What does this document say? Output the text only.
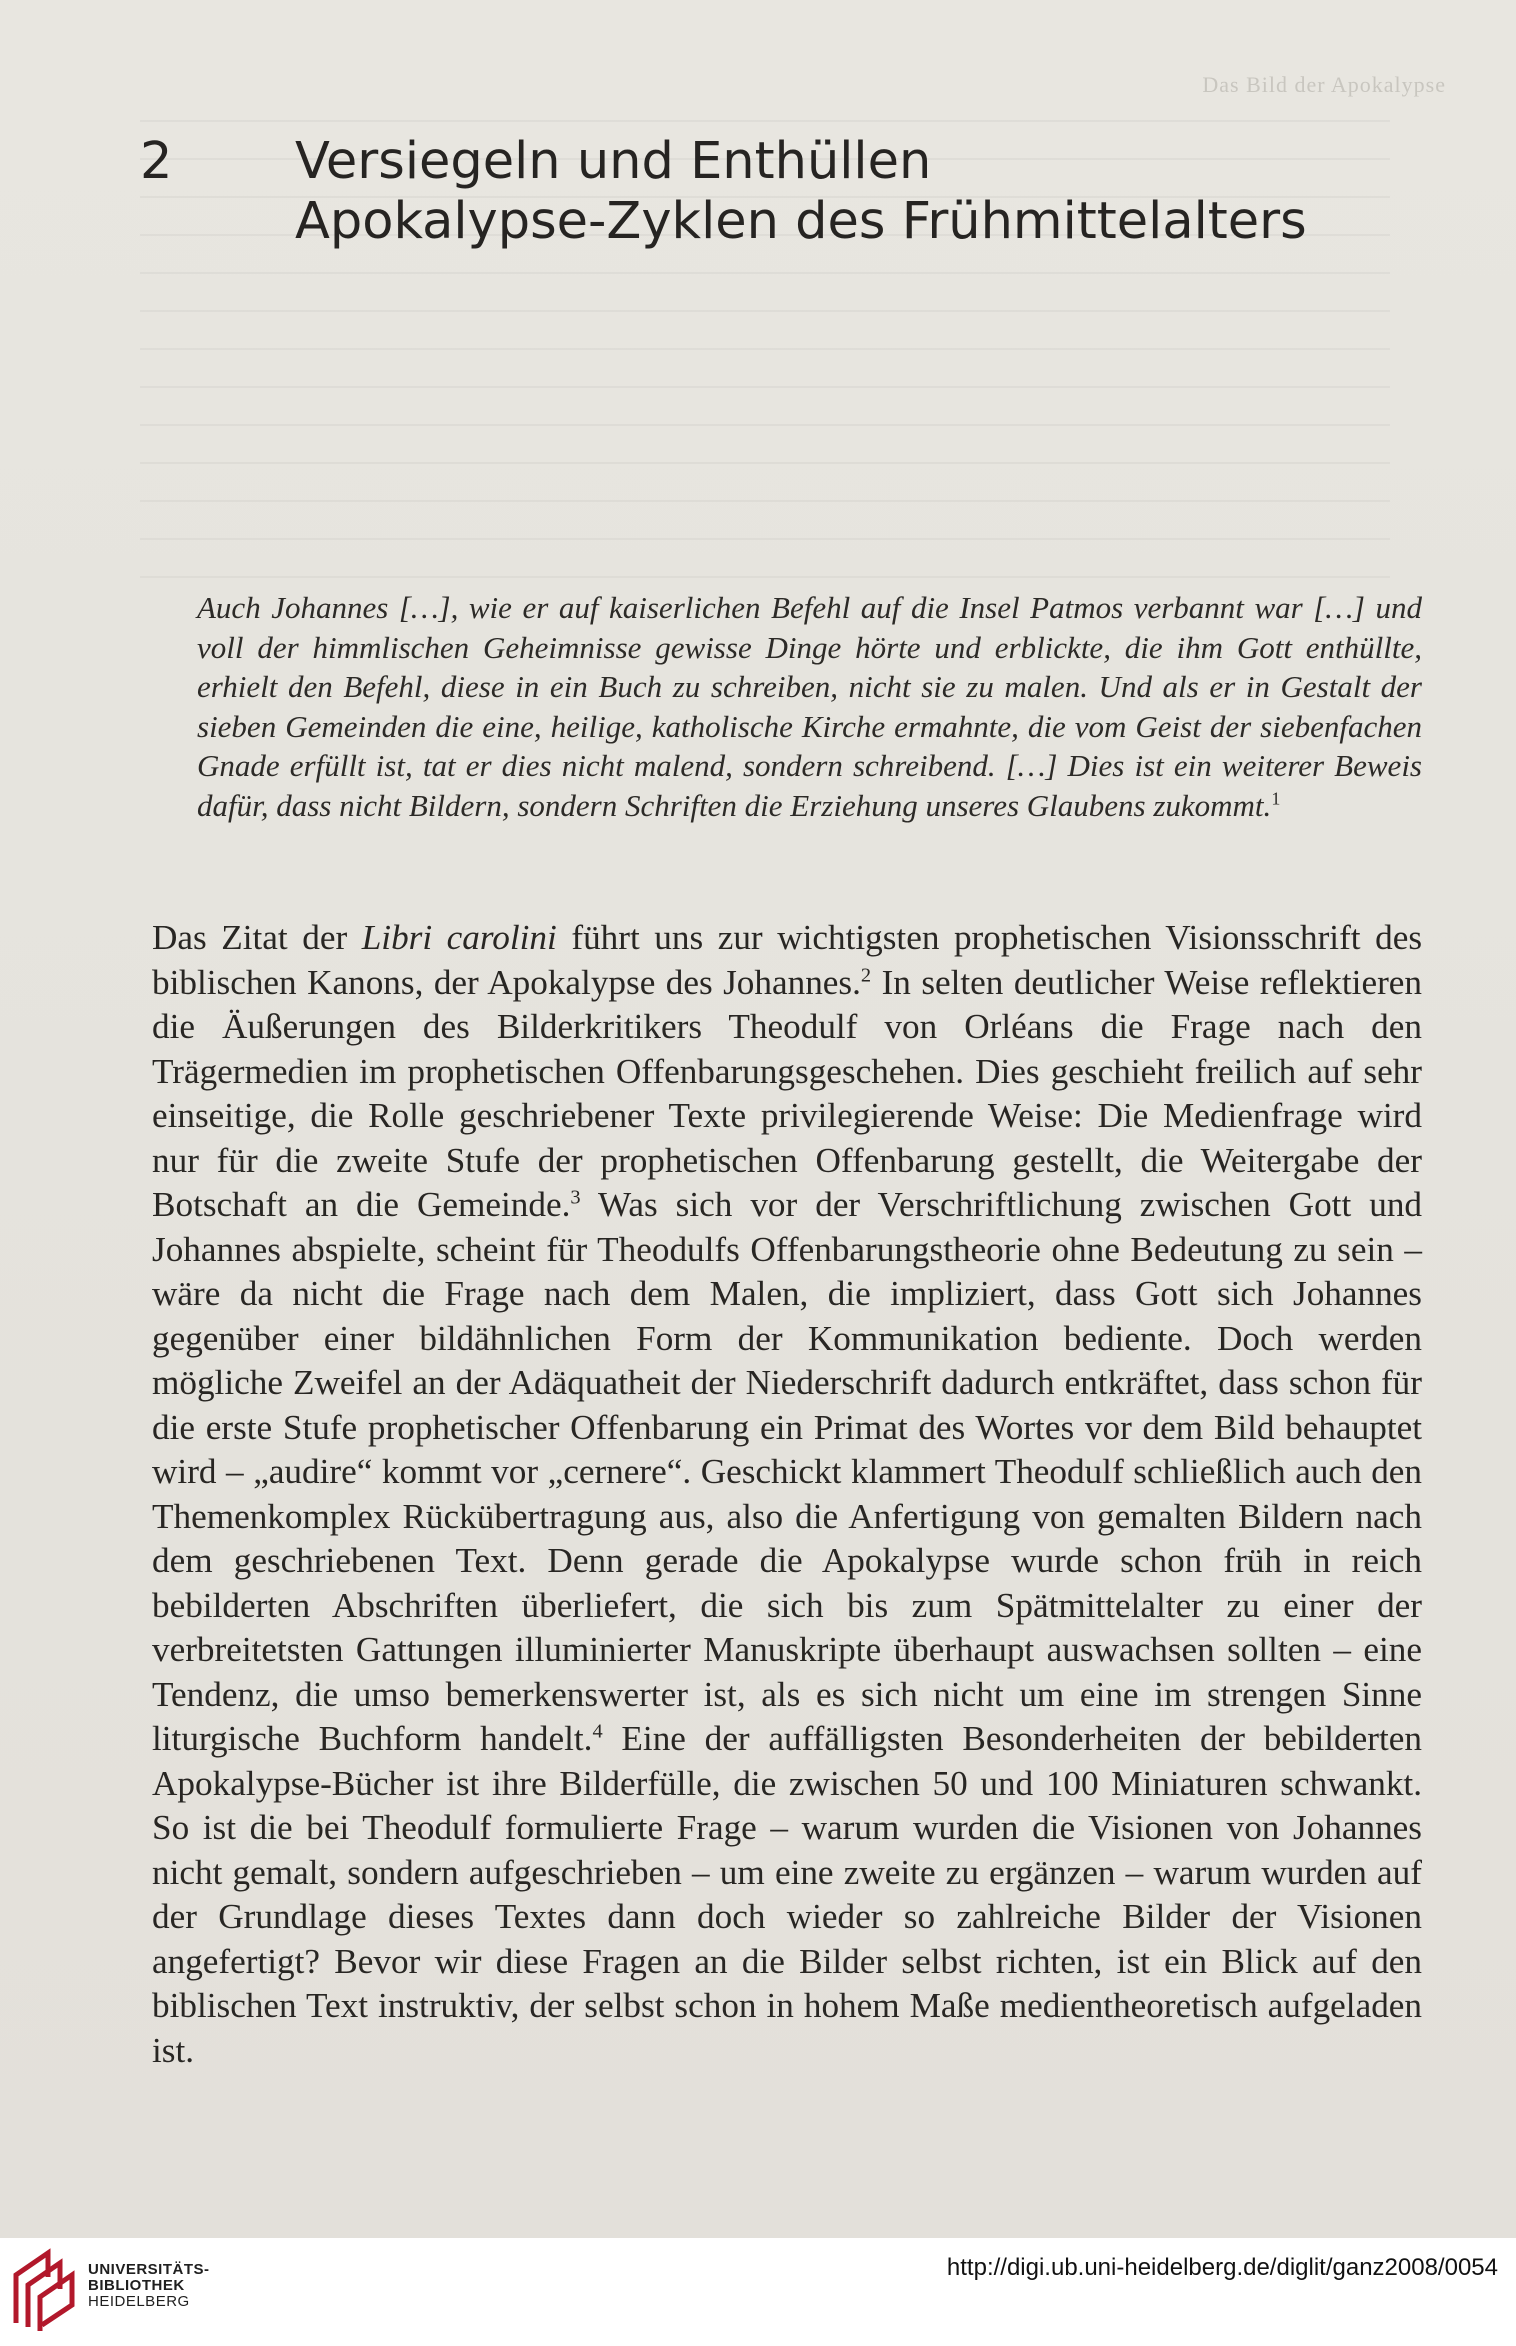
Das Bild der Apokalypse
2 Versiegeln und Enthüllen
Apokalypse-Zyklen des Frühmittelalters

Auch Johannes […], wie er auf kaiserlichen Befehl auf die Insel Patmos verbannt war […] und voll der himmlischen Geheimnisse gewisse Dinge hörte und erblickte, die ihm Gott enthüllte, erhielt den Befehl, diese in ein Buch zu schreiben, nicht sie zu malen. Und als er in Gestalt der sieben Gemeinden die eine, heilige, katholische Kirche ermahnte, die vom Geist der siebenfachen Gnade erfüllt ist, tat er dies nicht malend, sondern schreibend. […] Dies ist ein weiterer Beweis dafür, dass nicht Bildern, sondern Schriften die Erziehung unseres Glaubens zukommt.$^1$

Das Zitat der Libri carolini führt uns zur wichtigsten prophetischen Visionsschrift des biblischen Kanons, der Apokalypse des Johannes.$^2$ In selten deutlicher Weise reflektieren die Äußerungen des Bilderkritikers Theodulf von Orléans die Frage nach den Trägermedien im prophetischen Offenbarungsgeschehen. Dies geschieht freilich auf sehr einseitige, die Rolle geschriebener Texte privilegierende Weise: Die Medienfrage wird nur für die zweite Stufe der prophetischen Offenbarung gestellt, die Weitergabe der Botschaft an die Gemeinde.$^3$ Was sich vor der Verschriftlichung zwischen Gott und Johannes abspielte, scheint für Theodulfs Offenbarungstheorie ohne Bedeutung zu sein – wäre da nicht die Frage nach dem Malen, die impliziert, dass Gott sich Johannes gegenüber einer bildähnlichen Form der Kommunikation bediente. Doch werden mögliche Zweifel an der Adäquatheit der Niederschrift dadurch entkräftet, dass schon für die erste Stufe prophetischer Offenbarung ein Primat des Wortes vor dem Bild behauptet wird – „audire“ kommt vor „cernere“. Geschickt klammert Theodulf schließlich auch den Themenkomplex Rückübertragung aus, also die Anfertigung von gemalten Bildern nach dem geschriebenen Text. Denn gerade die Apokalypse wurde schon früh in reich bebilderten Abschriften überliefert, die sich bis zum Spätmittelalter zu einer der verbreitetsten Gattungen illuminierter Manuskripte überhaupt auswachsen sollten – eine Tendenz, die umso bemerkenswerter ist, als es sich nicht um eine im strengen Sinne liturgische Buchform handelt.$^4$ Eine der auffälligsten Besonderheiten der bebilderten Apokalypse-Bücher ist ihre Bilderfülle, die zwischen 50 und 100 Miniaturen schwankt. So ist die bei Theodulf formulierte Frage – warum wurden die Visionen von Johannes nicht gemalt, sondern aufgeschrieben – um eine zweite zu ergänzen – warum wurden auf der Grundlage dieses Textes dann doch wieder so zahlreiche Bilder der Visionen angefertigt? Bevor wir diese Fragen an die Bilder selbst richten, ist ein Blick auf den biblischen Text instruktiv, der selbst schon in hohem Maße medientheoretisch aufgeladen ist.

UNIVERSITÄTS-
BIBLIOTHEK
HEIDELBERG
http://digi.ub.uni-heidelberg.de/diglit/ganz2008/0054
